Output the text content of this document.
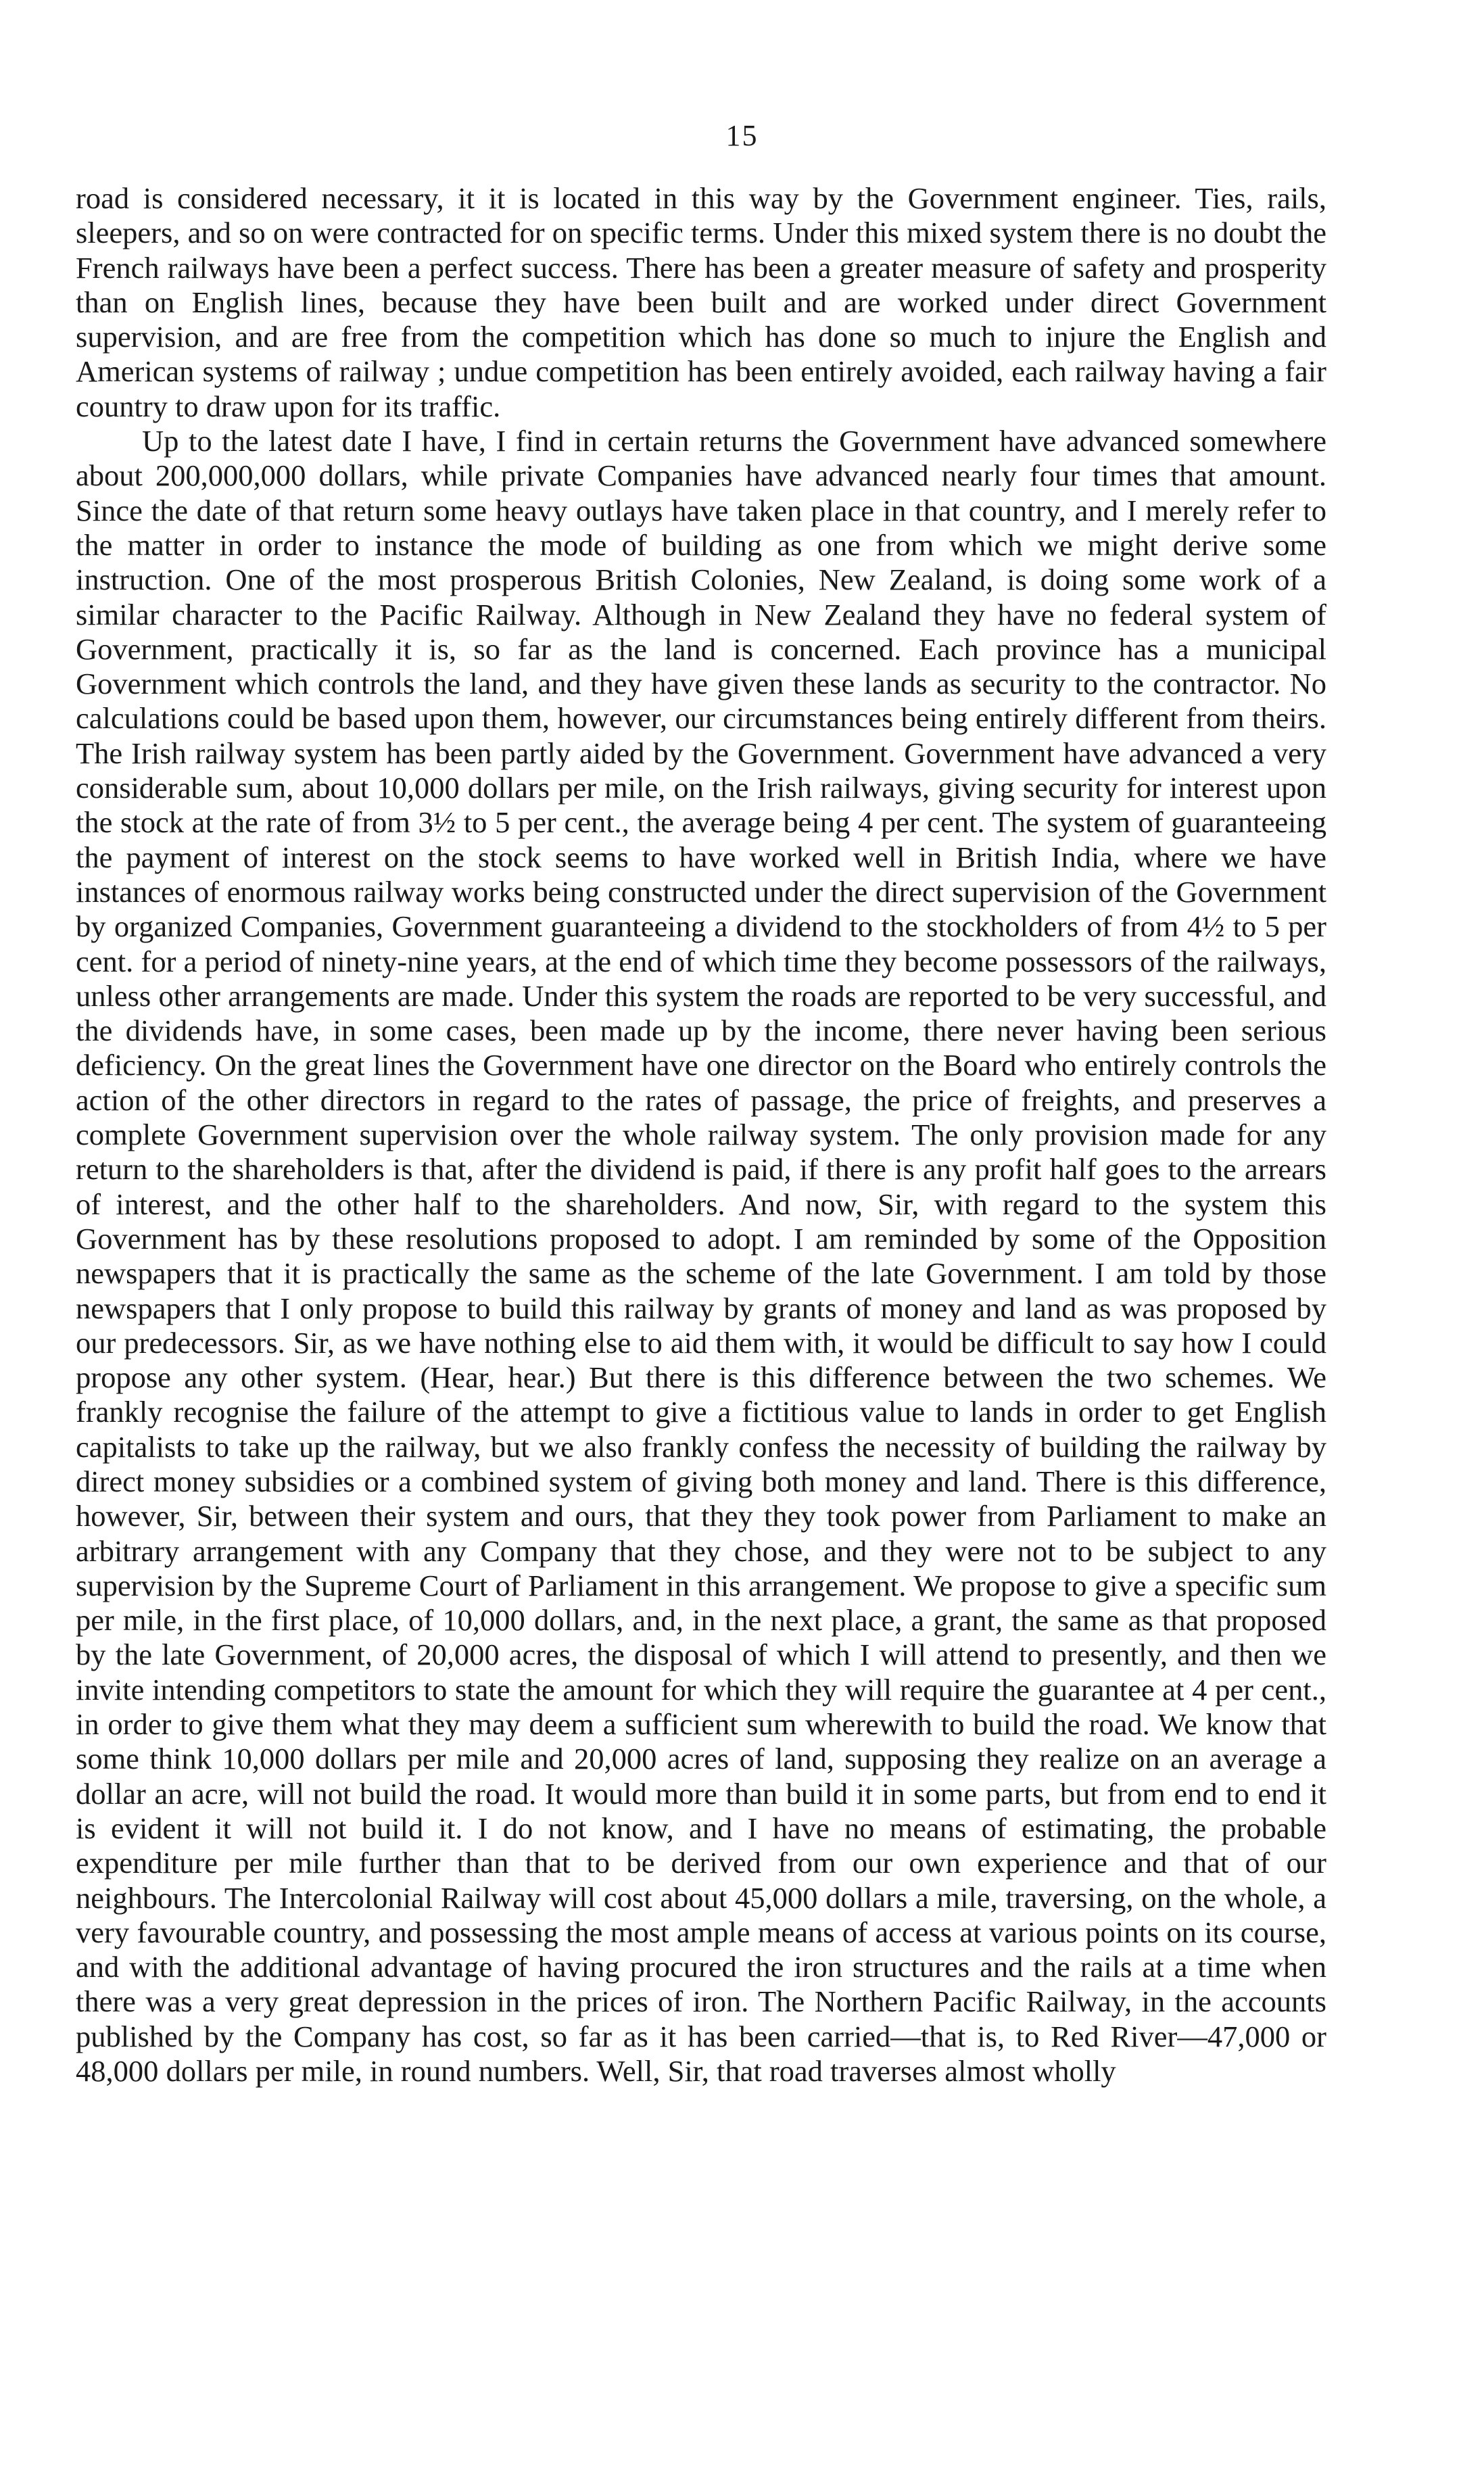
15

road is considered necessary, it it is located in this way by the Government engineer. Ties, rails, sleepers, and so on were contracted for on specific terms. Under this mixed system there is no doubt the French railways have been a perfect success. There has been a greater measure of safety and prosperity than on English lines, because they have been built and are worked under direct Government supervision, and are free from the competition which has done so much to injure the English and American systems of railway ; undue competition has been entirely avoided, each railway having a fair country to draw upon for its traffic.

Up to the latest date I have, I find in certain returns the Government have advanced somewhere about 200,000,000 dollars, while private Companies have advanced nearly four times that amount. Since the date of that return some heavy outlays have taken place in that country, and I merely refer to the matter in order to instance the mode of building as one from which we might derive some instruction. One of the most prosperous British Colonies, New Zealand, is doing some work of a similar character to the Pacific Railway. Although in New Zealand they have no federal system of Government, practically it is, so far as the land is concerned. Each province has a municipal Government which controls the land, and they have given these lands as security to the contractor. No calculations could be based upon them, however, our circumstances being entirely different from theirs. The Irish railway system has been partly aided by the Government. Government have advanced a very considerable sum, about 10,000 dollars per mile, on the Irish railways, giving security for interest upon the stock at the rate of from 3½ to 5 per cent., the average being 4 per cent. The system of guaranteeing the payment of interest on the stock seems to have worked well in British India, where we have instances of enormous railway works being constructed under the direct supervision of the Government by organized Companies, Government guaranteeing a dividend to the stockholders of from 4½ to 5 per cent. for a period of ninety-nine years, at the end of which time they become possessors of the railways, unless other arrangements are made. Under this system the roads are reported to be very successful, and the dividends have, in some cases, been made up by the income, there never having been serious deficiency. On the great lines the Government have one director on the Board who entirely controls the action of the other directors in regard to the rates of passage, the price of freights, and preserves a complete Government supervision over the whole railway system. The only provision made for any return to the shareholders is that, after the dividend is paid, if there is any profit half goes to the arrears of interest, and the other half to the shareholders. And now, Sir, with regard to the system this Government has by these resolutions proposed to adopt. I am reminded by some of the Opposition newspapers that it is practically the same as the scheme of the late Government. I am told by those newspapers that I only propose to build this railway by grants of money and land as was proposed by our predecessors. Sir, as we have nothing else to aid them with, it would be difficult to say how I could propose any other system. (Hear, hear.) But there is this difference between the two schemes. We frankly recognise the failure of the attempt to give a fictitious value to lands in order to get English capitalists to take up the railway, but we also frankly confess the necessity of building the railway by direct money subsidies or a combined system of giving both money and land. There is this difference, however, Sir, between their system and ours, that they they took power from Parliament to make an arbitrary arrangement with any Company that they chose, and they were not to be subject to any supervision by the Supreme Court of Parliament in this arrangement. We propose to give a specific sum per mile, in the first place, of 10,000 dollars, and, in the next place, a grant, the same as that proposed by the late Government, of 20,000 acres, the disposal of which I will attend to presently, and then we invite intending competitors to state the amount for which they will require the guarantee at 4 per cent., in order to give them what they may deem a sufficient sum wherewith to build the road. We know that some think 10,000 dollars per mile and 20,000 acres of land, supposing they realize on an average a dollar an acre, will not build the road. It would more than build it in some parts, but from end to end it is evident it will not build it. I do not know, and I have no means of estimating, the probable expenditure per mile further than that to be derived from our own experience and that of our neighbours. The Intercolonial Railway will cost about 45,000 dollars a mile, traversing, on the whole, a very favourable country, and possessing the most ample means of access at various points on its course, and with the additional advantage of having procured the iron structures and the rails at a time when there was a very great depression in the prices of iron. The Northern Pacific Railway, in the accounts published by the Company has cost, so far as it has been carried—that is, to Red River—47,000 or 48,000 dollars per mile, in round numbers. Well, Sir, that road traverses almost wholly
